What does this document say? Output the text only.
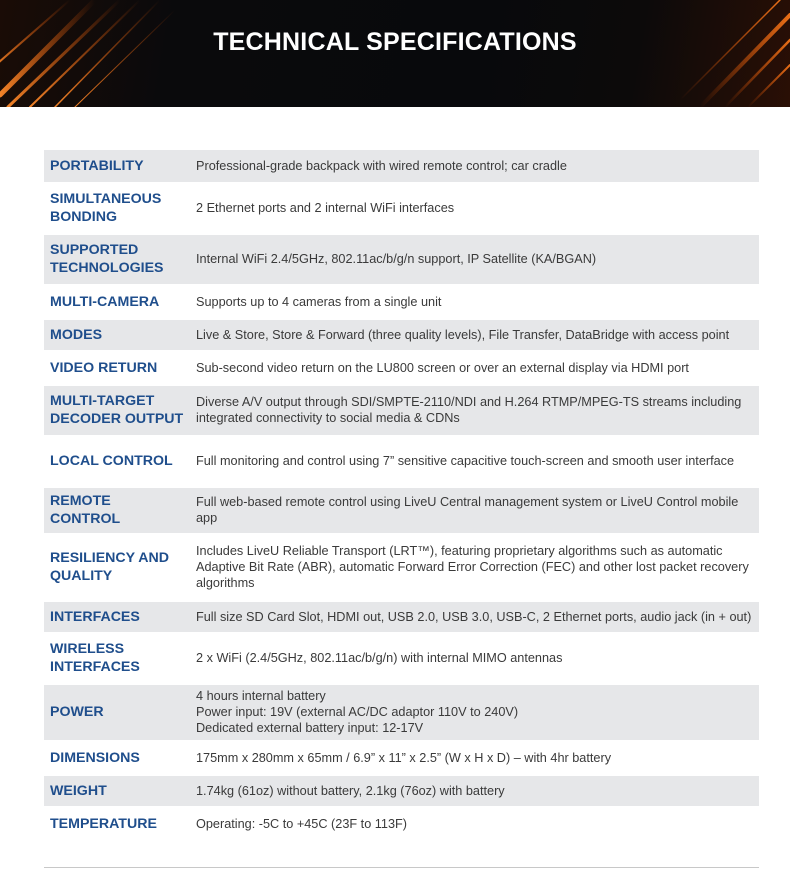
TECHNICAL SPECIFICATIONS
PORTABILITY	Professional-grade backpack with wired remote control; car cradle

SIMULTANEOUS BONDING	2 Ethernet ports and 2 internal WiFi interfaces

SUPPORTED TECHNOLOGIES	Internal WiFi 2.4/5GHz, 802.11ac/b/g/n support, IP Satellite (KA/BGAN)

MULTI-CAMERA	Supports up to 4 cameras from a single unit

MODES	Live & Store, Store & Forward (three quality levels), File Transfer, DataBridge with access point

VIDEO RETURN	Sub-second video return on the LU800 screen or over an external display via HDMI port

MULTI-TARGET DECODER OUTPUT	Diverse A/V output through SDI/SMPTE-2110/NDI and H.264 RTMP/MPEG-TS streams including integrated connectivity to social media & CDNs

LOCAL CONTROL	Full monitoring and control using 7” sensitive capacitive touch-screen and smooth user interface

REMOTE CONTROL	Full web-based remote control using LiveU Central management system or LiveU Control mobile app

RESILIENCY AND QUALITY	Includes LiveU Reliable Transport (LRT™), featuring proprietary algorithms such as automatic Adaptive Bit Rate (ABR), automatic Forward Error Correction (FEC) and other lost packet recovery algorithms

INTERFACES	Full size SD Card Slot, HDMI out, USB 2.0, USB 3.0, USB-C, 2 Ethernet ports, audio jack (in + out)

WIRELESS INTERFACES	2 x WiFi (2.4/5GHz, 802.11ac/b/g/n) with internal MIMO antennas

POWER	4 hours internal battery
Power input: 19V (external AC/DC adaptor 110V to 240V)
Dedicated external battery input: 12-17V

DIMENSIONS	175mm x 280mm x 65mm / 6.9” x 11” x 2.5” (W x H x D) – with 4hr battery

WEIGHT	1.74kg (61oz) without battery, 2.1kg (76oz) with battery

TEMPERATURE	Operating: -5C to +45C (23F to 113F)
